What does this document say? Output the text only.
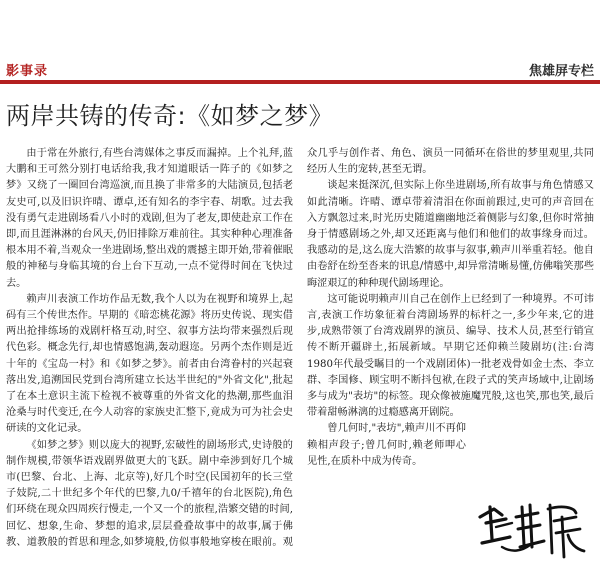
影事录	焦雄屏专栏
两岸共铸的传奇:《如梦之梦》

由于常在外旅行,有些台湾媒体之事反而漏掉。上个礼拜,蓝大鹏和王可然分别打电话给我,我才知道眼话一阵子的《如梦之梦》又绕了一圈回台湾巡演,而且换了非常多的大陆演员,包括老友史可,以及旧识许晴、谭卓,还有知名的李宇春、胡歌。过去我没有勇气走进剧场看八小时的戏剧,但为了老友,即使赴京工作在即,而且涯淋淋的台风天,仍旧排除万难前往。其实种种心理准备根本用不着,当观众一坐进剧场,整出戏的震撼主即开始,带着催眠般的神秘与身临其境的台上台下互动,一点不觉得时间在飞快过去。

赖声川表演工作坊作品无数,我个人以为在视野和境界上,起码有三个传世杰作。早期的《暗恋桃花源》将历史传说、现实借两出抢排练场的戏剧杆格互动,时空、叙事方法均带来强烈后现代色彩。概念先行,却也情感饱满,轰动遐迩。另两个杰作则是近十年的《宝岛一村》和《如梦之梦》。前者由台湾眷村的兴起衰落出发,追溯国民党到台湾所建立长达半世纪的"外省文化",批起了在本土意识主流下检视不被尊重的外省文化的热潮,那些血泪沧桑与时代变迁,在今人动容的家族史汇整下,竟成为可为社会史研读的文化记录。

《如梦之梦》则以庞大的视野,宏破性的剧场形式,史诗般的制作规模,带领华语戏剧界做更大的飞跃。剧中牵涉到好几个城市(巴黎、台北、上海、北京等),好几个时空(民国初年的长三堂子妓院,二十世纪多个年代的巴黎,九0/千禧年的台北医院),角色们环绕在现众四周疾行慢走,一个又一个的旅程,浩繁交错的时间,回忆、想象,生命、梦想的追求,层层叠叠故事中的故事,属于佛教、道教般的哲思和理念,如梦境般,仿似事般地穿梭在眼前。观众几乎与创作者、角色、演员一同循环在俗世的梦里观里,共同经历人生的宠转,甚至无谓。

谈起来挺深沉,但实际上你坐进剧场,所有故事与角色情感又如此清晰。许晴、谭卓带着清泪在你面前跟过,史可的声音回在入方飘忽过来,时光历史随道幽幽地泛着侧影与幻象,但你时常抽身于情感剧场之外,却又还距离与他们和他们的故事缘身而过。我感动的是,这么庞大浩繁的故事与叙事,赖声川举重若轻。他自由卷舒在纷至沓来的讯息/情感中,却异常清晰易懂,仿佛嗡笑那些晦涩艰辽的种种现代剧场理论。

这可能说明赖声川自己在创作上已经到了一种境界。不可讳言,表演工作坊象征着台湾剧场界的标杆之一,多少年来,它的进步,成熟带领了台湾戏剧界的演员、编导、技术人员,甚至行销宣传不断开疆辟土,拓展新域。早期它还仰赖兰陵剧坊(注:台湾1980年代最受瞩目的一个戏剧团体)一批老戏骨如金士杰、李立群、李国修、顾宝明不断抖包袱,在段子式的笑声场域中,让剧场多与成为"表坊"的标签。现众像被施魔咒般,这也笑,那也笑,最后带着甜畅淋漓的过瘾感离开剧院。

曾几何时,"表坊",赖声川不再仰赖相声段子;曾几何时,赖老师呷心见性,在质朴中成为传奇。
